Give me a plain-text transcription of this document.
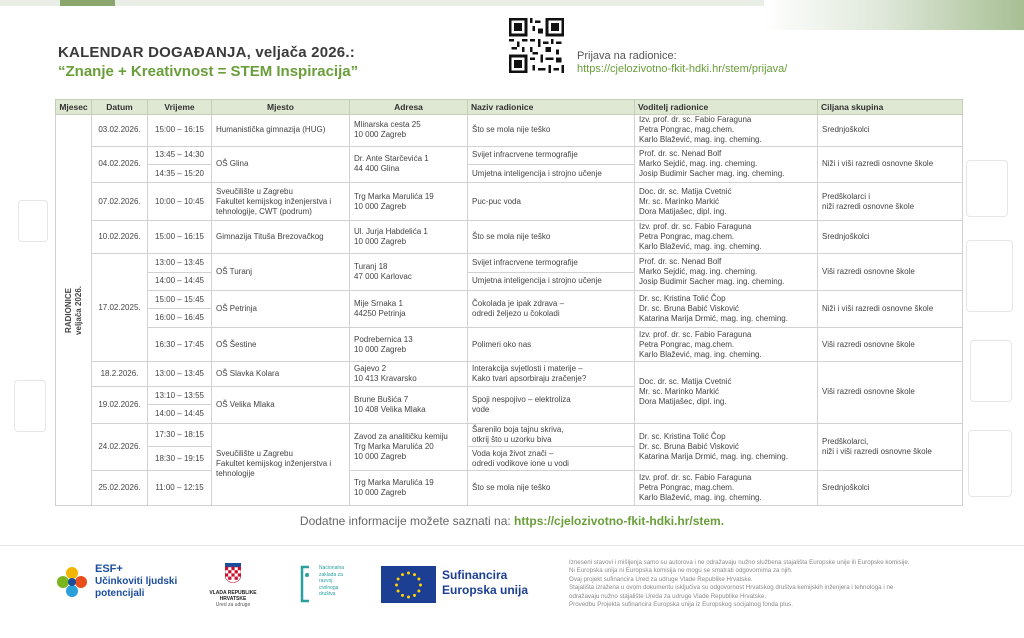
KALENDAR DOGAĐANJA, veljača 2026.:
“Znanje + Kreativnost = STEM Inspiracija”
Prijava na radionice:
https://cjelozivotno-fkit-hdki.hr/stem/prijava/
Mjesec	Datum	Vrijeme	Mjesto	Adresa	Naziv radionice	Voditelj radionice	Ciljana skupina

RADIONICE
veljača 2026.	03.02.2026.	15:00 – 16:15	Humanistička gimnazija (HUG)	Mlinarska cesta 25
10 000 Zagreb	Što se mola nije teško	Izv. prof. dr. sc. Fabio Faraguna
Petra Pongrac, mag.chem.
Karlo Blažević, mag. ing. cheming.	Srednjoškolci
	04.02.2026.	13:45 – 14:30	OŠ Glina	Dr. Ante Starčevića 1
44 400 Glina	Svijet infracrvene termografije	Prof. dr. sc. Nenad Bolf
Marko Sejdić, mag. ing. cheming.
Josip Budimir Sacher mag. ing. cheming.	Niži i viši razredi osnovne škole
		14:35 – 15:20			Umjetna inteligencija i strojno učenje		
	07.02.2026.	10:00 – 10:45	Sveučilište u Zagrebu
Fakultet kemijskog inženjerstva i tehnologije, CWT (podrum)	Trg Marka Marulića 19
10 000 Zagreb	Puc-puc voda	Doc. dr. sc. Matija Cvetnić
Mr. sc. Marinko Markić
Dora Matijašec, dipl. ing.	Predškolarci i
niži razredi osnovne škole
	10.02.2026.	15:00 – 16:15	Gimnazija Tituša Brezovačkog	Ul. Jurja Habdelića 1
10 000 Zagreb	Što se mola nije teško	Izv. prof. dr. sc. Fabio Faraguna
Petra Pongrac, mag.chem.
Karlo Blažević, mag. ing. cheming.	Srednjoškolci
	17.02.2025.	13:00 – 13:45	OŠ Turanj	Turanj 18
47 000 Karlovac	Svijet infracrvene termografije	Prof. dr. sc. Nenad Bolf
Marko Sejdić, mag. ing. cheming.
Josip Budimir Sacher mag. ing. cheming.	Viši razredi osnovne škole
		14:00 – 14:45			Umjetna inteligencija i strojno učenje		
		15:00 – 15:45	OŠ Petrinja	Mije Srnaka 1
44250 Petrinja	Čokolada je ipak zdrava –
odredi željezo u čokoladi	Dr. sc. Kristina Tolić Čop
Dr. sc. Bruna Babić Visković
Katarina Marija Drmić, mag. ing. cheming.	Niži i viši razredi osnovne škole
		16:00 – 16:45					
		16:30 – 17:45	OŠ Šestine	Podrebernica 13
10 000 Zagreb	Polimeri oko nas	Izv. prof. dr. sc. Fabio Faraguna
Petra Pongrac, mag.chem.
Karlo Blažević, mag. ing. cheming.	Viši razredi osnovne škole
	18.2.2026.	13:00 – 13:45	OŠ Slavka Kolara	Gajevo 2
10 413 Kravarsko	Interakcija svjetlosti i materije –
Kako tvari apsorbiraju zračenje?	Doc. dr. sc. Matija Cvetnić
Mr. sc. Marinko Markić
Dora Matijašec, dipl. ing.	Viši razredi osnovne škole
	19.02.2026.	13:10 – 13:55	OŠ Velika Mlaka	Brune Bušića 7
10 408 Velika Mlaka	Spoji nespojivo – elektroliza
vode		
		14:00 – 14:45					
	24.02.2026.	17:30 – 18:15	Sveučilište u Zagrebu
Fakultet kemijskog inženjerstva i
tehnologije	Zavod za analitičku kemiju
Trg Marka Marulića 20
10 000 Zagreb	Šarenilo boja tajnu skriva,
otkrij što u uzorku biva	Dr. sc. Kristina Tolić Čop
Dr. sc. Bruna Babić Visković
Katarina Marija Drmić, mag. ing. cheming.	Predškolarci,
niži i viši razredi osnovne škole
		18:30 – 19:15			Voda koja život znači –
odredi vodikove ione u vodi		
	25.02.2026.	11:00 – 12:15		Trg Marka Marulića 19
10 000 Zagreb	Što se mola nije teško	Izv. prof. dr. sc. Fabio Faraguna
Petra Pongrac, mag.chem.
Karlo Blažević, mag. ing. cheming.	Srednjoškolci
Dodatne informacije možete saznati na: https://cjelozivotno-fkit-hdki.hr/stem.
ESF+
Učinkoviti ljudski potencijali	VLADA REPUBLIKE HRVATSKE
Ured za udruge
Nacionalna
zaklada za
razvoj
civilnoga
društva
Sufinancira
Europska unija
Izneseni stavovi i mišljenja samo su autorova i ne odražavaju nužno službena stajališta Europske unije ili Europske komisije.
Ni Europska unija ni Europska komisija ne mogu se smatrati odgovornima za njih.
Ovaj projekt sufinancira Ured za udruge Vlade Republike Hrvatske.
Stajališta izražena u ovom dokumentu isključiva su odgovornost Hrvatskog društva kemijskih inženjera i tehnologa i ne
odražavaju nužno stajalište Ureda za udruge Vlade Republike Hrvatske.
Provedbu Projekta sufinancira Europska unija iz Europskog socijalnog fonda plus.
